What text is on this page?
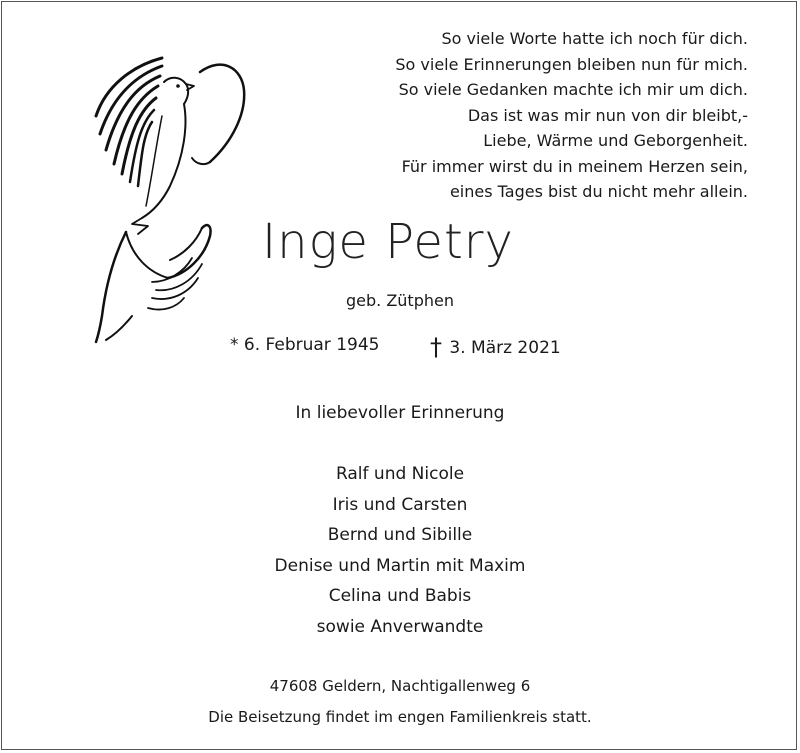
So viele Worte hatte ich noch für dich.
So viele Erinnerungen bleiben nun für mich.
So viele Gedanken machte ich mir um dich.
Das ist was mir nun von dir bleibt,-
Liebe, Wärme und Geborgenheit.
Für immer wirst du in meinem Herzen sein,
eines Tages bist du nicht mehr allein.
Inge Petry
geb. Zütphen
* 6. Februar 1945 † 3. März 2021
In liebevoller Erinnerung
Ralf und Nicole
Iris und Carsten
Bernd und Sibille
Denise und Martin mit Maxim
Celina und Babis
sowie Anverwandte
47608 Geldern, Nachtigallenweg 6
Die Beisetzung findet im engen Familienkreis statt.
